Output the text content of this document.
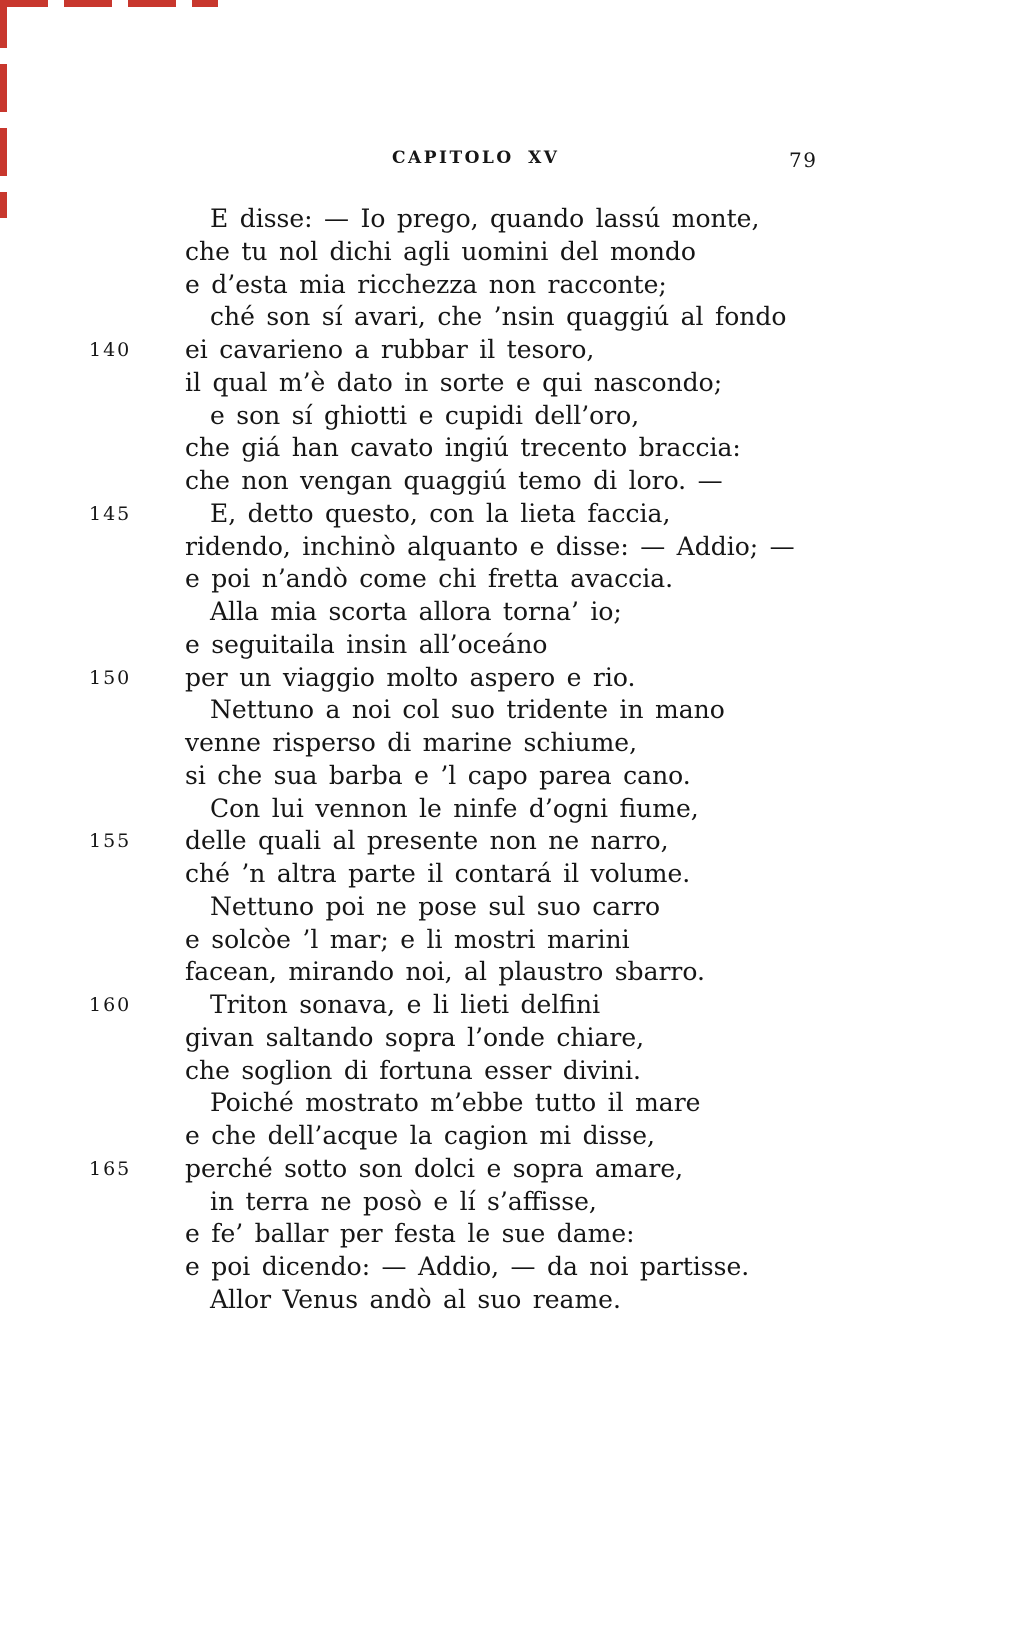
CAPITOLO XV	79
E disse: — Io prego, quando lassú monte,
che tu nol dichi agli uomini del mondo
e d’esta mia ricchezza non racconte;
ché son sí avari, che ’nsin quaggiú al fondo
140 ei cavarieno a rubbar il tesoro,
il qual m’è dato in sorte e qui nascondo;
e son sí ghiotti e cupidi dell’oro,
che giá han cavato ingiú trecento braccia:
che non vengan quaggiú temo di loro. —
145	E, detto questo, con la lieta faccia,
ridendo, inchinò alquanto e disse: — Addio; —
e poi n’andò come chi fretta avaccia.
Alla mia scorta allora torna’ io;
e seguitaila insin all’oceáno
150 per un viaggio molto aspero e rio.
Nettuno a noi col suo tridente in mano
venne risperso di marine schiume,
si che sua barba e ’l capo parea cano.
Con lui vennon le ninfe d’ogni fiume,
155 delle quali al presente non ne narro,
ché ’n altra parte il contará il volume.
Nettuno poi ne pose sul suo carro
e solcòe ’l mar; e li mostri marini
facean, mirando noi, al plaustro sbarro.
160	Triton sonava, e li lieti delfini
givan saltando sopra l’onde chiare,
che soglion di fortuna esser divini.
Poiché mostrato m’ebbe tutto il mare
e che dell’acque la cagion mi disse,
165 perché sotto son dolci e sopra amare,
in terra ne posò e lí s’affisse,
e fe’ ballar per festa le sue dame:
e poi dicendo: — Addio, — da noi partisse.
Allor Venus andò al suo reame.
